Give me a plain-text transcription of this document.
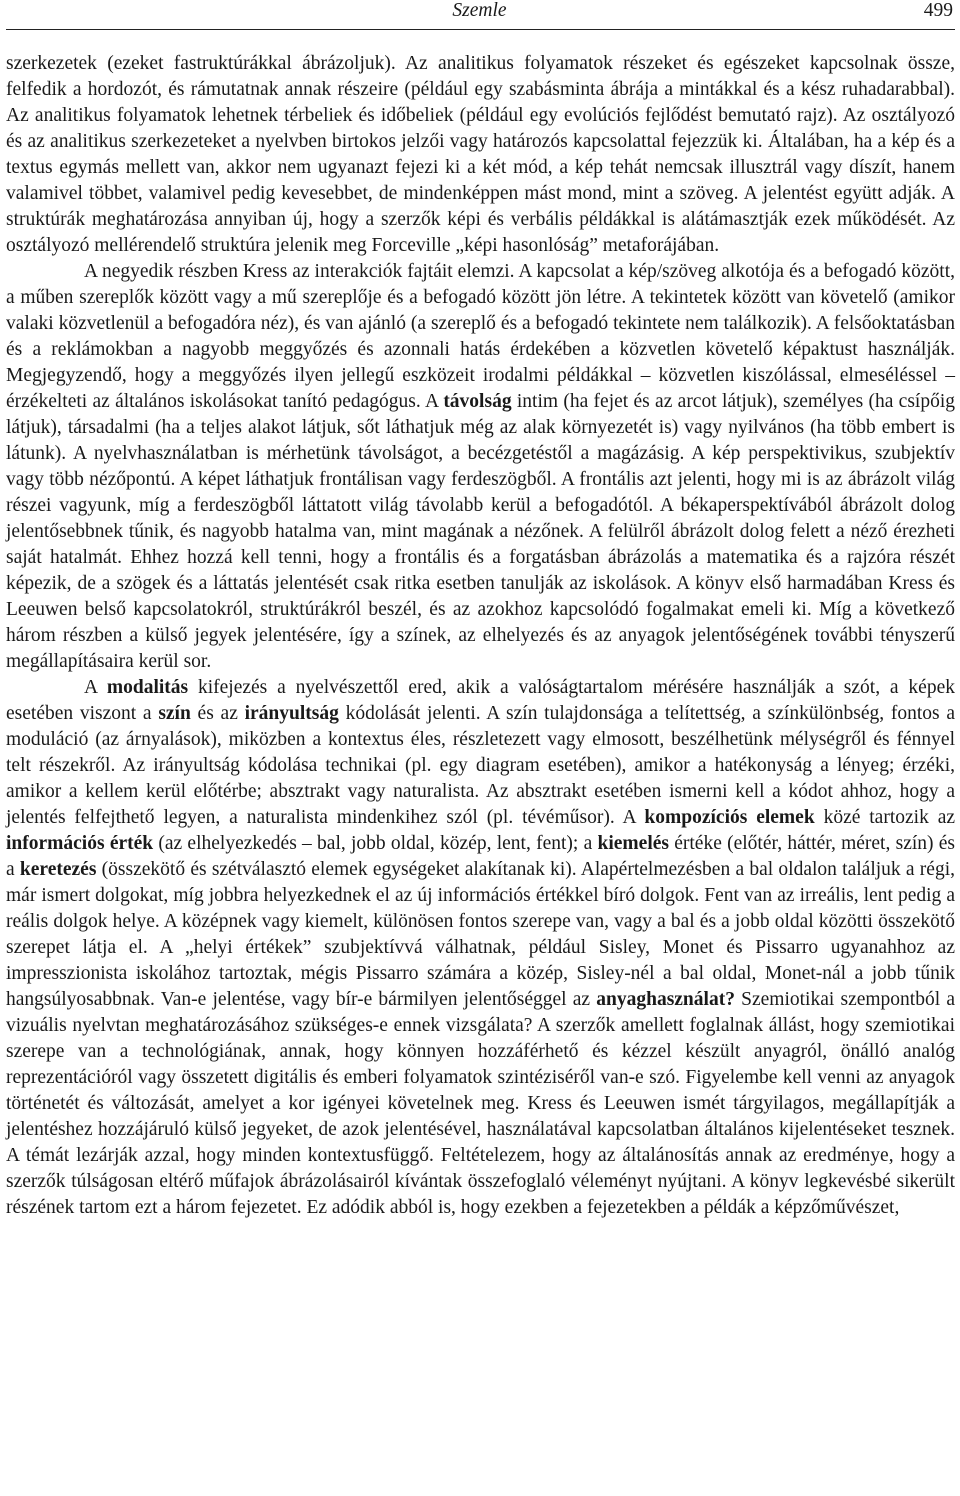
Szemle	499

szerkezetek (ezeket fastruktúrákkal ábrázoljuk). Az analitikus folyamatok részeket és egészeket kapcsolnak össze, felfedik a hordozót, és rámutatnak annak részeire (például egy szabásminta ábrája a mintákkal és a kész ruhadarabbal). Az analitikus folyamatok lehetnek térbeliek és időbeliek (például egy evolúciós fejlődést bemutató rajz). Az osztályozó és az analitikus szerkezeteket a nyelvben birtokos jelzői vagy határozós kapcsolattal fejezzük ki. Általában, ha a kép és a textus egymás mellett van, akkor nem ugyanazt fejezi ki a két mód, a kép tehát nemcsak illusztrál vagy díszít, hanem valamivel többet, valamivel pedig kevesebbet, de mindenképpen mást mond, mint a szöveg. A jelentést együtt adják. A struktúrák meghatározása annyiban új, hogy a szerzők képi és verbális példákkal is alátámasztják ezek működését. Az osztályozó mellérendelő struktúra jelenik meg Forceville „képi hasonlóság” metaforájában.

A negyedik részben Kress az interakciók fajtáit elemzi. A kapcsolat a kép/szöveg alkotója és a befogadó között, a műben szereplők között vagy a mű szereplője és a befogadó között jön létre. A tekintetek között van követelő (amikor valaki közvetlenül a befogadóra néz), és van ajánló (a szereplő és a befogadó tekintete nem találkozik). A felsőoktatásban és a reklámokban a nagyobb meggyőzés és azonnali hatás érdekében a közvetlen követelő képaktust használják. Megjegyzendő, hogy a meggyőzés ilyen jellegű eszközeit irodalmi példákkal – közvetlen kiszólással, elmeséléssel – érzékelteti az általános iskolásokat tanító pedagógus. A távolság intim (ha fejet és az arcot látjuk), személyes (ha csípőig látjuk), társadalmi (ha a teljes alakot látjuk, sőt láthatjuk még az alak környezetét is) vagy nyilvános (ha több embert is látunk). A nyelvhasználatban is mérhetünk távolságot, a becézgetéstől a magázásig. A kép perspektivikus, szubjektív vagy több nézőpontú. A képet láthatjuk frontálisan vagy ferdeszögből. A frontális azt jelenti, hogy mi is az ábrázolt világ részei vagyunk, míg a ferdeszögből láttatott világ távolabb kerül a befogadótól. A békaperspektívából ábrázolt dolog jelentősebbnek tűnik, és nagyobb hatalma van, mint magának a nézőnek. A felülről ábrázolt dolog felett a néző érezheti saját hatalmát. Ehhez hozzá kell tenni, hogy a frontális és a forgatásban ábrázolás a matematika és a rajzóra részét képezik, de a szögek és a láttatás jelentését csak ritka esetben tanulják az iskolások. A könyv első harmadában Kress és Leeuwen belső kapcsolatokról, struktúrákról beszél, és az azokhoz kapcsolódó fogalmakat emeli ki. Míg a következő három részben a külső jegyek jelentésére, így a színek, az elhelyezés és az anyagok jelentőségének további tényszerű megállapításaira kerül sor.

A modalitás kifejezés a nyelvészettől ered, akik a valóságtartalom mérésére használják a szót, a képek esetében viszont a szín és az irányultság kódolását jelenti. A szín tulajdonsága a telítettség, a színkülönbség, fontos a moduláció (az árnyalások), miközben a kontextus éles, részletezett vagy elmosott, beszélhetünk mélységről és fénnyel telt részekről. Az irányultság kódolása technikai (pl. egy diagram esetében), amikor a hatékonyság a lényeg; érzéki, amikor a kellem kerül előtérbe; absztrakt vagy naturalista. Az absztrakt esetében ismerni kell a kódot ahhoz, hogy a jelentés felfejthető legyen, a naturalista mindenkihez szól (pl. tévéműsor). A kompozíciós elemek közé tartozik az információs érték (az elhelyezkedés – bal, jobb oldal, közép, lent, fent); a kiemelés értéke (előtér, háttér, méret, szín) és a keretezés (összekötő és szétválasztó elemek egységeket alakítanak ki). Alapértelmezésben a bal oldalon találjuk a régi, már ismert dolgokat, míg jobbra helyezkednek el az új információs értékkel bíró dolgok. Fent van az irreális, lent pedig a reális dolgok helye. A középnek vagy kiemelt, különösen fontos szerepe van, vagy a bal és a jobb oldal közötti összekötő szerepet látja el. A „helyi értékek” szubjektívvá válhatnak, például Sisley, Monet és Pissarro ugyanahhoz az impresszionista iskolához tartoztak, mégis Pissarro számára a közép, Sisley-nél a bal oldal, Monet-nál a jobb tűnik hangsúlyosabbnak. Van-e jelentése, vagy bír-e bármilyen jelentőséggel az anyaghasználat? Szemiotikai szempontból a vizuális nyelvtan meghatározásához szükséges-e ennek vizsgálata? A szerzők amellett foglalnak állást, hogy szemiotikai szerepe van a technológiának, annak, hogy könnyen hozzáférhető és kézzel készült anyagról, önálló analóg reprezentációról vagy összetett digitális és emberi folyamatok szintéziséről van-e szó. Figyelembe kell venni az anyagok történetét és változását, amelyet a kor igényei követelnek meg. Kress és Leeuwen ismét tárgyilagos, megállapítják a jelentéshez hozzájáruló külső jegyeket, de azok jelentésével, használatával kapcsolatban általános kijelentéseket tesznek. A témát lezárják azzal, hogy minden kontextusfüggő. Feltételezem, hogy az általánosítás annak az eredménye, hogy a szerzők túlságosan eltérő műfajok ábrázolásairól kívántak összefoglaló véleményt nyújtani. A könyv legkevésbé sikerült részének tartom ezt a három fejezetet. Ez adódik abból is, hogy ezekben a fejezetekben a példák a képzőművészet,
